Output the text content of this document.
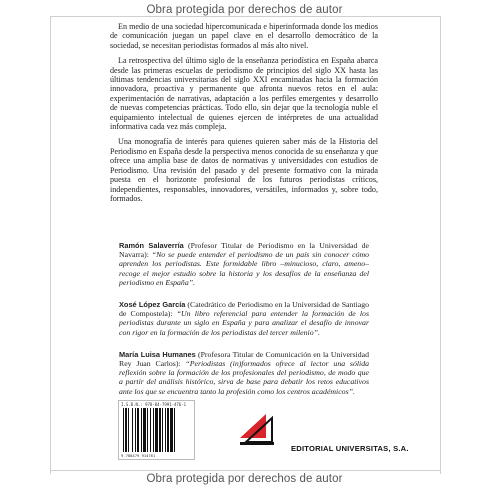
Obra protegida por derechos de autor

En medio de una sociedad hipercomunicada e hiperinformada donde los medios de comunicación juegan un papel clave en el desarrollo democrático de la sociedad, se necesitan periodistas formados al más alto nivel.

La retrospectiva del último siglo de la enseñanza periodística en España abarca desde las primeras escuelas de periodismo de principios del siglo XX hasta las últimas tendencias universitarias del siglo XXI encaminadas hacia la formación innovadora, proactiva y permanente que afronta nuevos retos en el aula: experimentación de narrativas, adaptación a los perfiles emergentes y desarrollo de nuevas competencias prácticas. Todo ello, sin dejar que la tecnología nuble el equipamiento intelectual de quienes ejercen de intérpretes de una actualidad informativa cada vez más compleja.

Una monografía de interés para quienes quieren saber más de la Historia del Periodismo en España desde la perspectiva menos conocida de su enseñanza y que ofrece una amplia base de datos de normativas y universidades con estudios de Periodismo. Una revisión del pasado y del presente formativo con la mirada puesta en el horizonte profesional de los futuros periodistas críticos, independientes, responsables, innovadores, versátiles, informados y, sobre todo, formados.

Ramón Salaverría (Profesor Titular de Periodismo en la Universidad de Navarra): “No se puede entender el periodismo de un país sin conocer cómo aprenden los periodistas. Este formidable libro –minucioso, claro, ameno– recoge el mejor estudio sobre la historia y los desafíos de la enseñanza del periodismo en España”.
Xosé López García (Catedrático de Periodismo en la Universidad de Santiago de Compostela): “Un libro referencial para entender la formación de los periodistas durante un siglo en España y para analizar el desafío de innovar con rigor en la formación de los periodistas del tercer milenio”.
María Luisa Humanes (Profesora Titular de Comunicación en la Universidad Rey Juan Carlos): “Periodistas (in)formados ofrece al lector una sólida reflexión sobre la formación de los profesionales del periodismo, de modo que a partir del análisis histórico, sirva de base para debatir los retos educativos ante los que se encuentra tanto la profesión como los centros académicos”.
I.S.B.N.: 978-84-7991-476-1
9 788479 914761
EDITORIAL UNIVERSITAS, S.A.
Obra protegida por derechos de autor
